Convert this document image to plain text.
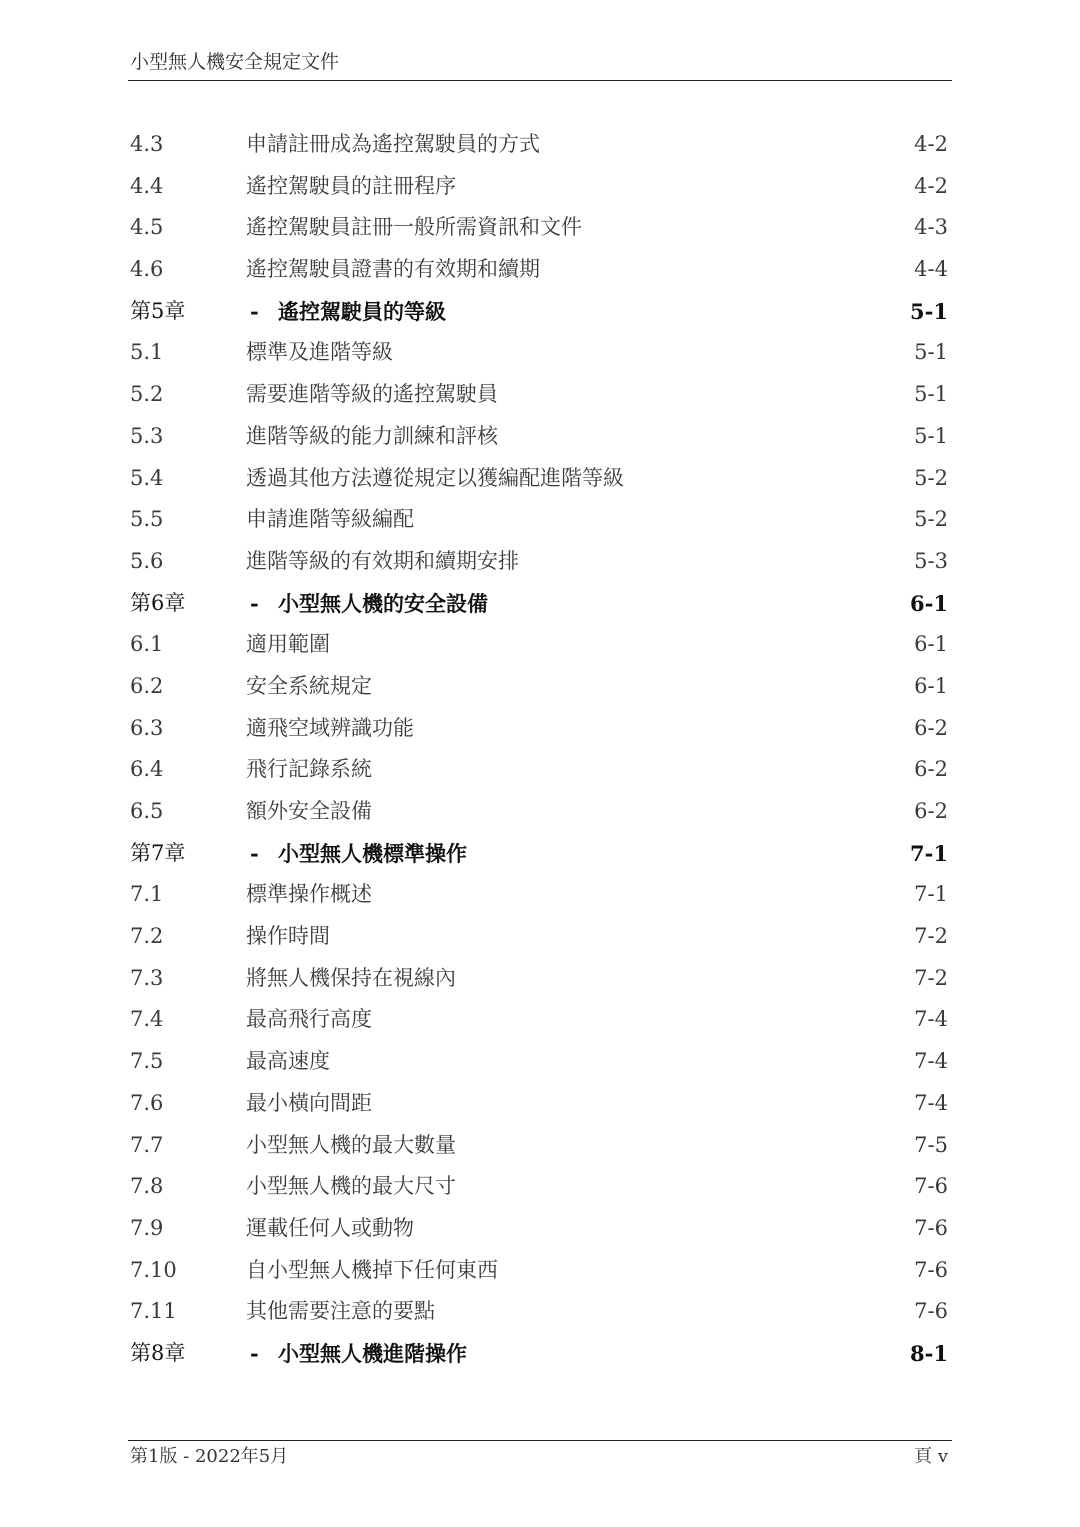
小型無人機安全規定文件
4.3	申請註冊成為遙控駕駛員的方式	4-2
4.4	遙控駕駛員的註冊程序	4-2
4.5	遙控駕駛員註冊一般所需資訊和文件	4-3
4.6	遙控駕駛員證書的有效期和續期	4-4
第5章	- 遙控駕駛員的等級	5-1
5.1	標準及進階等級	5-1
5.2	需要進階等級的遙控駕駛員	5-1
5.3	進階等級的能力訓練和評核	5-1
5.4	透過其他方法遵從規定以獲編配進階等級	5-2
5.5	申請進階等級編配	5-2
5.6	進階等級的有效期和續期安排	5-3
第6章	- 小型無人機的安全設備	6-1
6.1	適用範圍	6-1
6.2	安全系統規定	6-1
6.3	適飛空域辨識功能	6-2
6.4	飛行記錄系統	6-2
6.5	額外安全設備	6-2
第7章	- 小型無人機標準操作	7-1
7.1	標準操作概述	7-1
7.2	操作時間	7-2
7.3	將無人機保持在視線內	7-2
7.4	最高飛行高度	7-4
7.5	最高速度	7-4
7.6	最小橫向間距	7-4
7.7	小型無人機的最大數量	7-5
7.8	小型無人機的最大尺寸	7-6
7.9	運載任何人或動物	7-6
7.10	自小型無人機掉下任何東西	7-6
7.11	其他需要注意的要點	7-6
第8章	- 小型無人機進階操作	8-1
第1版 - 2022年5月	頁 v
